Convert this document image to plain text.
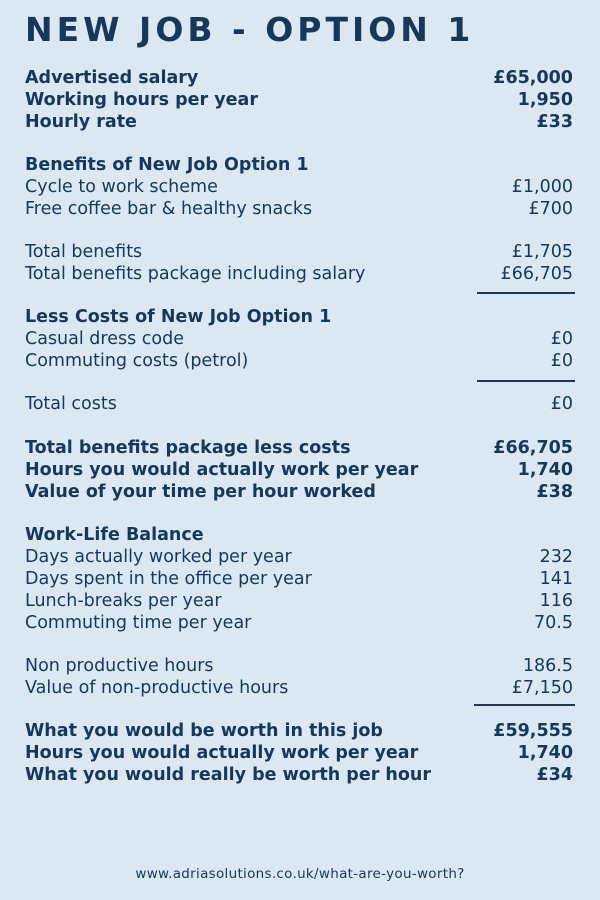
NEW JOB - OPTION 1
Advertised salary	£65,000
Working hours per year	1,950
Hourly rate	£33
Benefits of New Job Option 1
Cycle to work scheme	£1,000
Free coffee bar & healthy snacks	£700
Total benefits	£1,705
Total benefits package including salary	£66,705
Less Costs of New Job Option 1
Casual dress code	£0
Commuting costs (petrol)	£0
Total costs	£0
Total benefits package less costs	£66,705
Hours you would actually work per year	1,740
Value of your time per hour worked	£38
Work-Life Balance
Days actually worked per year	232
Days spent in the office per year	141
Lunch-breaks per year	116
Commuting time per year	70.5
Non productive hours	186.5
Value of non-productive hours	£7,150
What you would be worth in this job	£59,555
Hours you would actually work per year	1,740
What you would really be worth per hour	£34
www.adriasolutions.co.uk/what-are-you-worth?
